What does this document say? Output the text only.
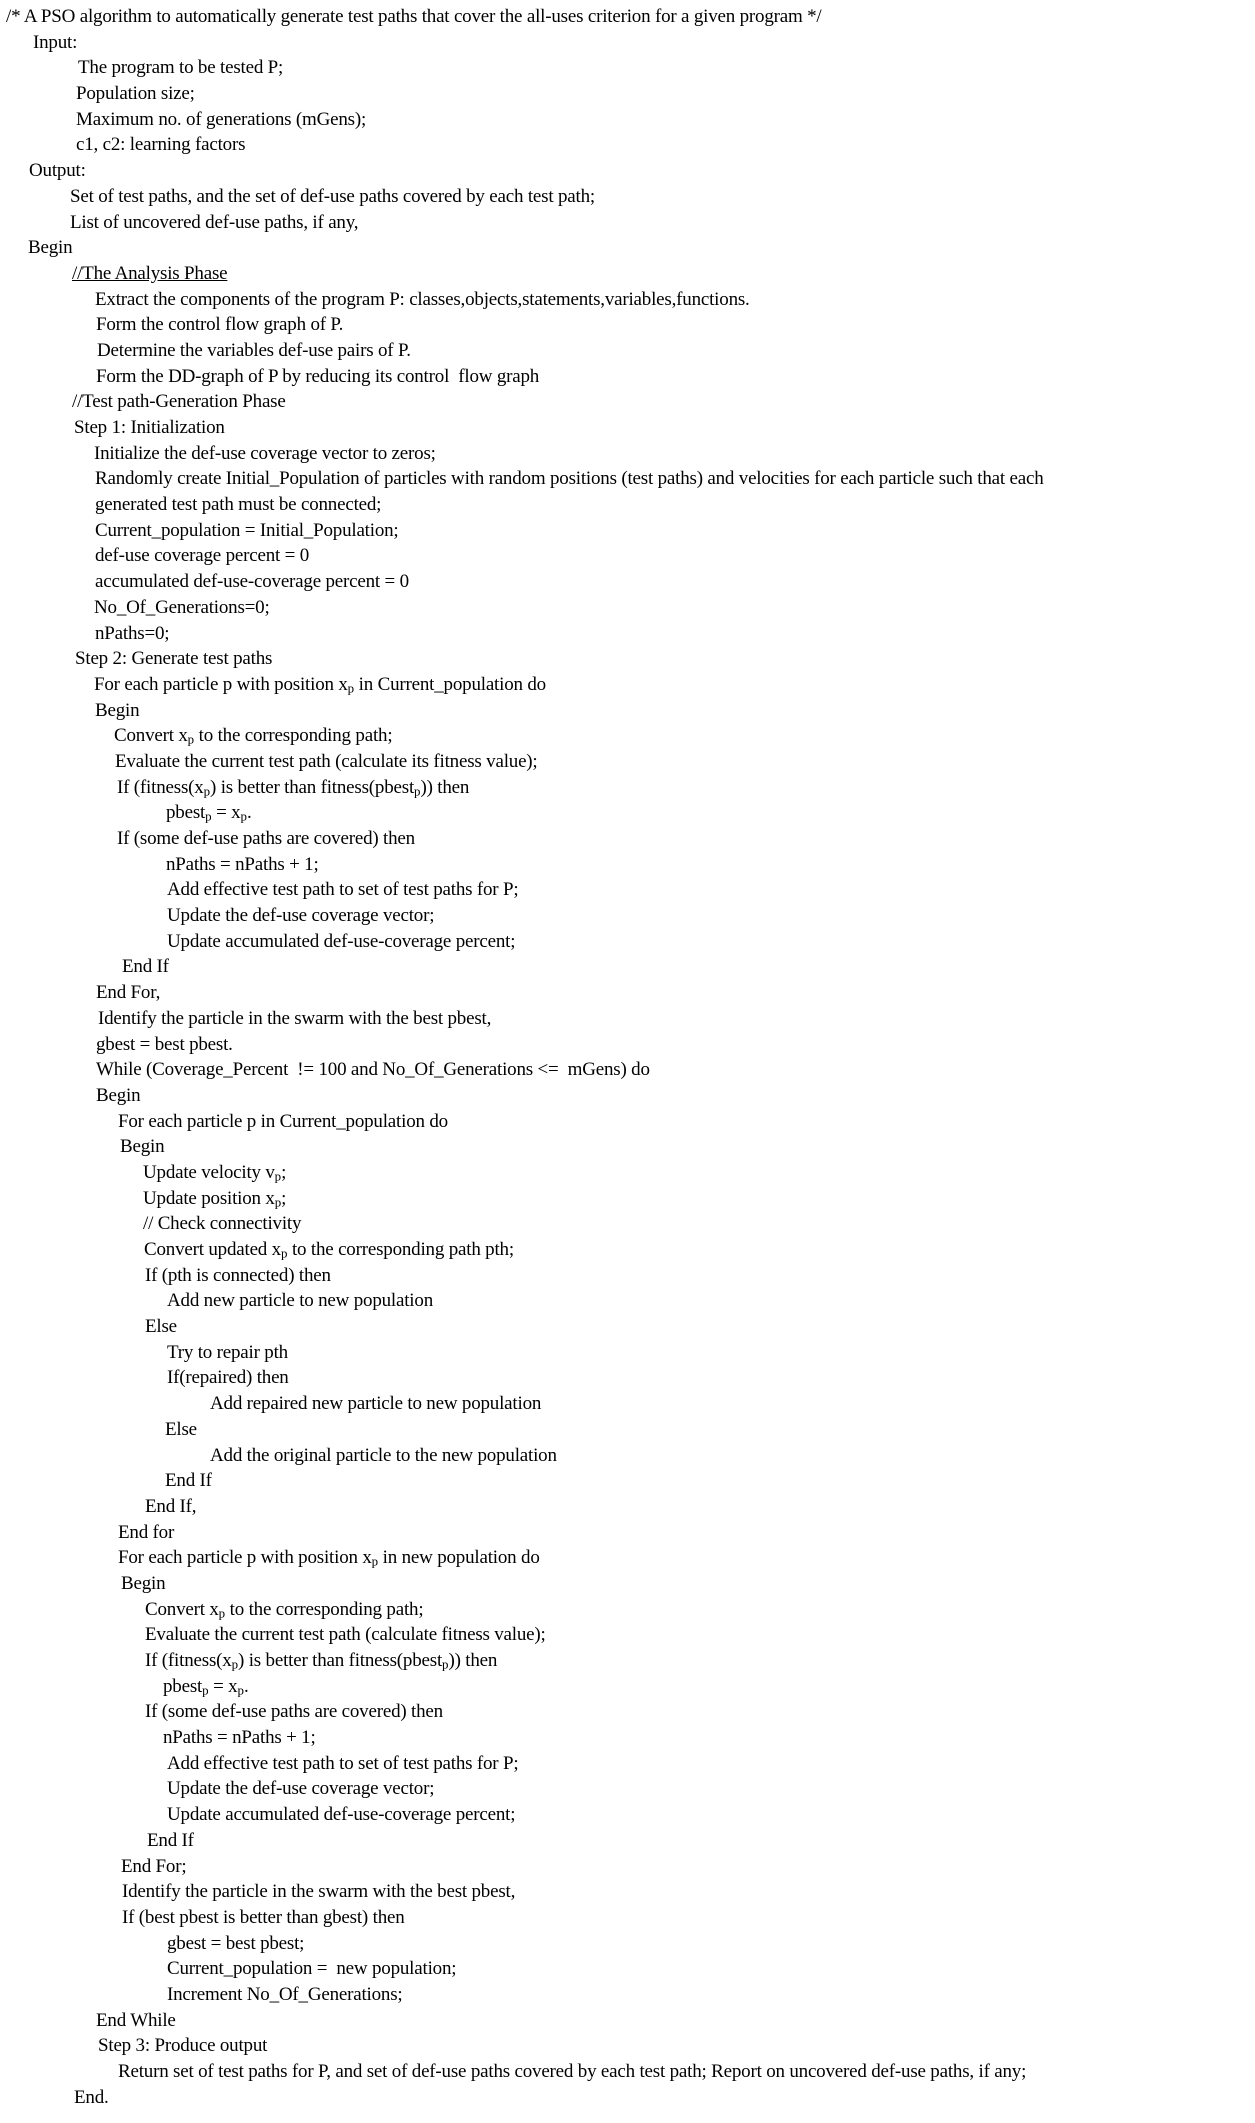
/* A PSO algorithm to automatically generate test paths that cover the all-uses criterion for a given program */
Input:
The program to be tested P;
Population size;
Maximum no. of generations (mGens);
c1, c2: learning factors
Output:
Set of test paths, and the set of def-use paths covered by each test path;
List of uncovered def-use paths, if any,
Begin
//The Analysis Phase
Extract the components of the program P: classes,objects,statements,variables,functions.
Form the control flow graph of P.
Determine the variables def-use pairs of P.
Form the DD-graph of P by reducing its control  flow graph
//Test path-Generation Phase
Step 1: Initialization
Initialize the def-use coverage vector to zeros;
Randomly create Initial_Population of particles with random positions (test paths) and velocities for each particle such that each
generated test path must be connected;
Current_population = Initial_Population;
def-use coverage percent = 0
accumulated def-use-coverage percent = 0
No_Of_Generations=0;
nPaths=0;
Step 2: Generate test paths
For each particle p with position $x_p$ in Current_population do
Begin
Convert $x_p$ to the corresponding path;
Evaluate the current test path (calculate its fitness value);
If ($fitness(x_p)$ is better than fitness(pbest$_p$)) then
pbest$_p$ = $x_p$.
If (some def-use paths are covered) then
nPaths = nPaths + 1;
Add effective test path to set of test paths for P;
Update the def-use coverage vector;
Update accumulated def-use-coverage percent;
End If
End For,
Identify the particle in the swarm with the best pbest,
gbest = best pbest.
While (Coverage_Percent  != 100 and No_Of_Generations <=  mGens) do
Begin
For each particle p in Current_population do
Begin
Update velocity $v_p$;
Update position $x_p$;
// Check connectivity
Convert updated $x_p$ to the corresponding path pth;
If (pth is connected) then
Add new particle to new population
Else
Try to repair pth
If(repaired) then
Add repaired new particle to new population
Else
Add the original particle to the new population
End If
End If,
End for
For each particle p with position $x_p$ in new population do
Begin
Convert $x_p$ to the corresponding path;
Evaluate the current test path (calculate fitness value);
If ($fitness(x_p)$ is better than fitness(pbest$_p$)) then
pbest$_p$ = $x_p$.
If (some def-use paths are covered) then
nPaths = nPaths + 1;
Add effective test path to set of test paths for P;
Update the def-use coverage vector;
Update accumulated def-use-coverage percent;
End If
End For;
Identify the particle in the swarm with the best pbest,
If (best pbest is better than gbest) then
gbest = best pbest;
Current_population =  new population;
Increment No_Of_Generations;
End While
Step 3: Produce output
Return set of test paths for P, and set of def-use paths covered by each test path; Report on uncovered def-use paths, if any;
End.
